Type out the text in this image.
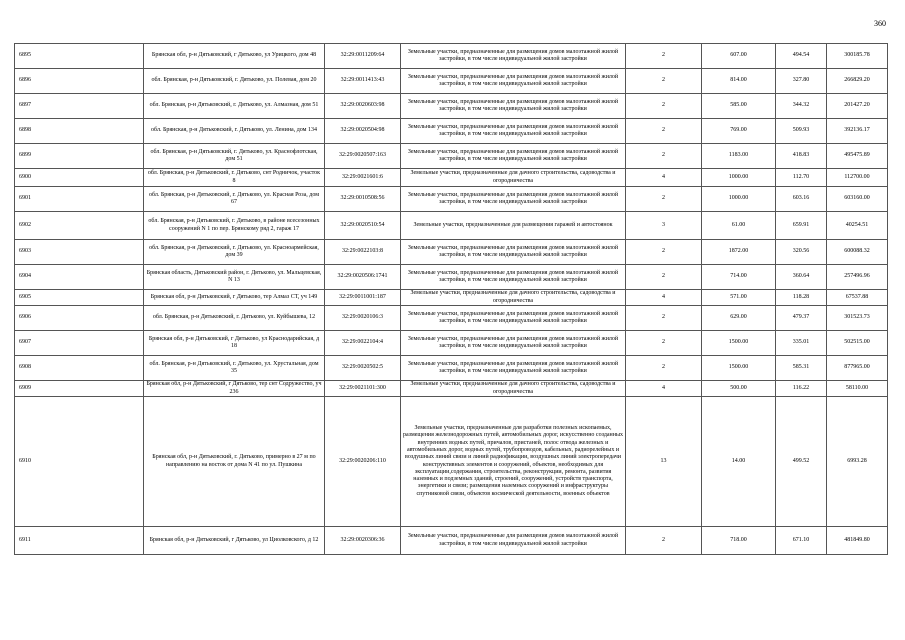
360
6895	Брянская обл, р-н Дятьковский, г Дятьково, ул Урицкого, дом 48	32:29:0011209:64	Земельные участки, предназначенные для размещения домов малоэтажной жилой застройки, в том числе индивидуальной жилой застройки	2	607.00	494.54	300185.78
6896	обл. Брянская, р-н Дятьковский, г. Дятьково, ул. Полевая, дом 20	32:29:0011413:43	Земельные участки, предназначенные для размещения домов малоэтажной жилой застройки, в том числе индивидуальной жилой застройки	2	814.00	327.80	266829.20
6897	обл. Брянская, р-н Дятьковский, г. Дятьково, ул. Алмазная, дом 51	32:29:0020603:98	Земельные участки, предназначенные для размещения домов малоэтажной жилой застройки, в том числе индивидуальной жилой застройки	2	585.00	344.32	201427.20
6898	обл. Брянская, р-н Дятьковский, г. Дятьково, ул. Ленина, дом 134	32:29:0020504:98	Земельные участки, предназначенные для размещения домов малоэтажной жилой застройки, в том числе индивидуальной жилой застройки	2	769.00	509.93	392136.17
6899	обл. Брянская, р-н Дятьковский, г. Дятьково, ул. Краснофлотская, дом 51	32:29:0020507:163	Земельные участки, предназначенные для размещения домов малоэтажной жилой застройки, в том числе индивидуальной жилой застройки	2	1183.00	418.83	495475.89
6900	обл. Брянская, р-н Дятьковский, г. Дятьково, снт Родничок, участок 8	32:29:0021601:6	Земельные участки, предназначенные для дачного строительства, садоводства и огородничества	4	1000.00	112.70	112700.00
6901	обл. Брянская, р-н Дятьковский, г. Дятьково, ул. Красная Роза, дом 67	32:29:0010508:56	Земельные участки, предназначенные для размещения домов малоэтажной жилой застройки, в том числе индивидуальной жилой застройки	2	1000.00	603.16	603160.00
6902	обл. Брянская, р-н Дятьковский, г. Дятьково, в районе всесезонных сооружений N 1 по пер. Брянскому ряд 2, гараж 17	32:29:0020510:54	Земельные участки, предназначенные для размещения гаражей и автостоянок	3	61.00	659.91	40254.51
6903	обл. Брянская, р-н Дятьковский, г. Дятьково, ул. Красноармейская, дом 39	32:29:0022103:8	Земельные участки, предназначенные для размещения домов малоэтажной жилой застройки, в том числе индивидуальной жилой застройки	2	1872.00	320.56	600088.32
6904	Брянская область, Дятьковский район, г. Дятьково, ул. Мальцевская, N 13	32:29:0020506:1741	Земельные участки, предназначенные для размещения домов малоэтажной жилой застройки, в том числе индивидуальной жилой застройки	2	714.00	360.64	257496.96
6905	Брянская обл, р-н Дятьковский, г Дятьково, тер Алмаз СТ, уч 149	32:29:0011001:187	Земельные участки, предназначенные для дачного строительства, садоводства и огородничества	4	571.00	118.28	67537.88
6906	обл. Брянская, р-н Дятьковский, г. Дятьково, ул. Куйбышева, 12	32:29:0020106:3	Земельные участки, предназначенные для размещения домов малоэтажной жилой застройки, в том числе индивидуальной жилой застройки	2	629.00	479.37	301523.73
6907	Брянская обл, р-н Дятьковский, г Дятьково, ул Краснодарийская, д 18	32:29:0022104:4	Земельные участки, предназначенные для размещения домов малоэтажной жилой застройки, в том числе индивидуальной жилой застройки	2	1500.00	335.01	502515.00
6908	обл. Брянская, р-н Дятьковский, г. Дятьково, ул. Хрустальная, дом 35	32:29:0020502:5	Земельные участки, предназначенные для размещения домов малоэтажной жилой застройки, в том числе индивидуальной жилой застройки	2	1500.00	585.31	877965.00
6909	Брянская обл, р-н Дятьковский, г Дятьково, тер снт Содружество, уч 236	32:29:0021101:300	Земельные участки, предназначенные для дачного строительства, садоводства и огородничества	4	500.00	116.22	58110.00
6910	Брянская обл, р-н Дятьковский, г. Дятьково, примерно в 27 м по направлению на восток от дома N 41 по ул. Пушкина	32:29:0020206:110	Земельные участки, предназначенные для разработки полезных ископаемых, размещения железнодорожных путей, автомобильных дорог, искусственно созданных внутренних водных путей, причалов, пристаней, полос отвода железных и автомобильных дорог, водных путей, трубопроводов, кабельных, радиорелейных и воздушных линий связи и линий радиофикации, воздушных линий электропередачи конструктивных элементов и сооружений, объектов, необходимых для эксплуатации,содержания, строительства, реконструкции, ремонта, развития наземных и подземных зданий, строений, сооружений, устройств транспорта, энергетики и связи; размещения наземных сооружений и инфраструктуры спутниковой связи, объектов космической деятельности, военных объектов	13	14.00	499.52	6993.28
6911	Брянская обл, р-н Дятьковский, г Дятьково, ул Циолковского, д 12	32:29:0020306:36	Земельные участки, предназначенные для размещения домов малоэтажной жилой застройки, в том числе индивидуальной жилой застройки	2	718.00	671.10	481849.80
